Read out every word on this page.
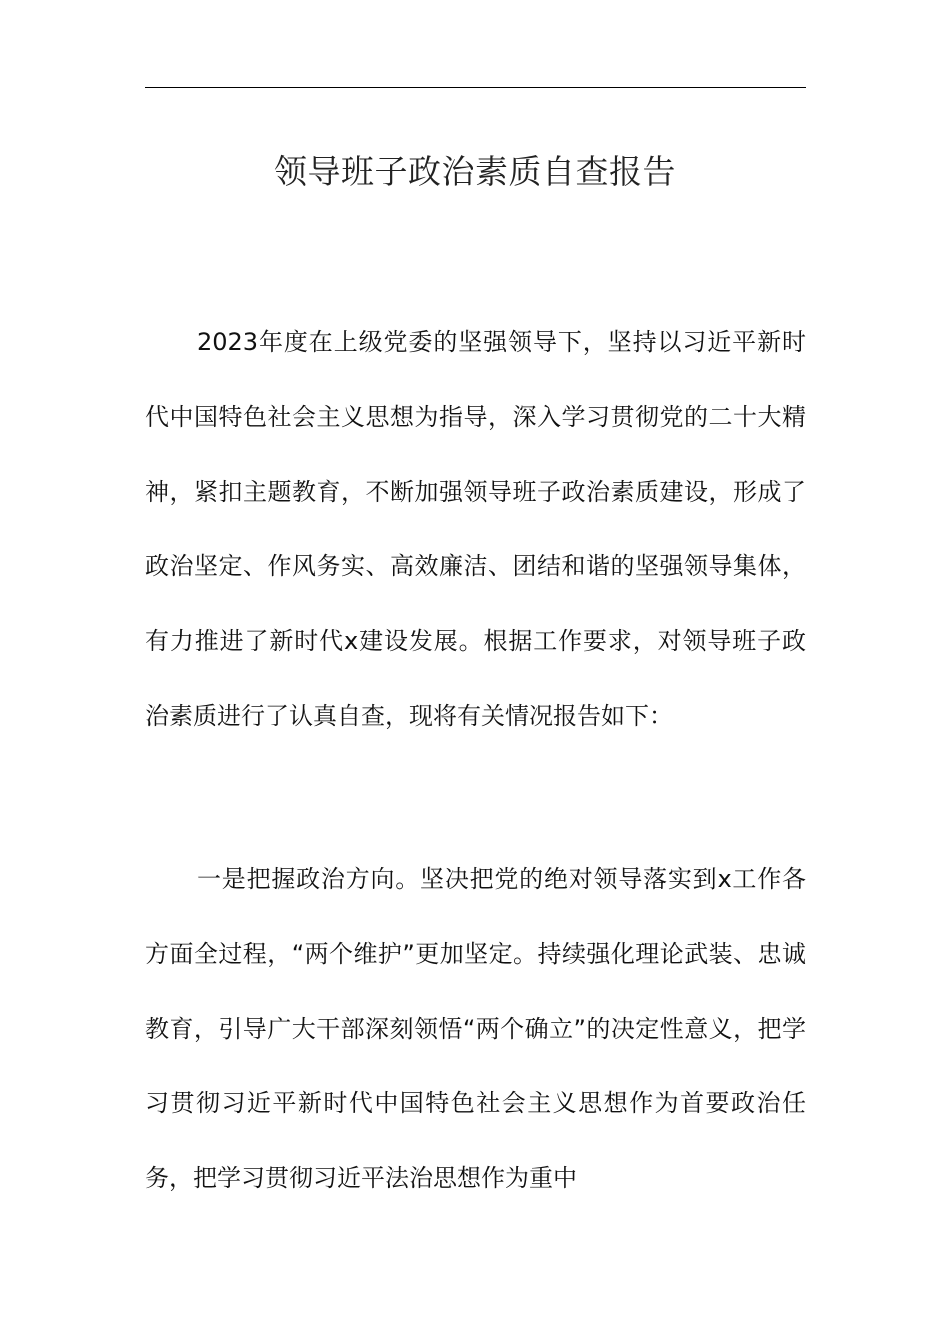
领导班子政治素质自查报告

2023年度在上级党委的坚强领导下，坚持以习近平新时代中国特色社会主义思想为指导，深入学习贯彻党的二十大精神，紧扣主题教育，不断加强领导班子政治素质建设，形成了政治坚定、作风务实、高效廉洁、团结和谐的坚强领导集体，有力推进了新时代x建设发展。根据工作要求，对领导班子政治素质进行了认真自查，现将有关情况报告如下：

一是把握政治方向。坚决把党的绝对领导落实到x工作各方面全过程，“两个维护”更加坚定。持续强化理论武装、忠诚教育，引导广大干部深刻领悟“两个确立”的决定性意义，把学习贯彻习近平新时代中国特色社会主义思想作为首要政治任务，把学习贯彻习近平法治思想作为重中
